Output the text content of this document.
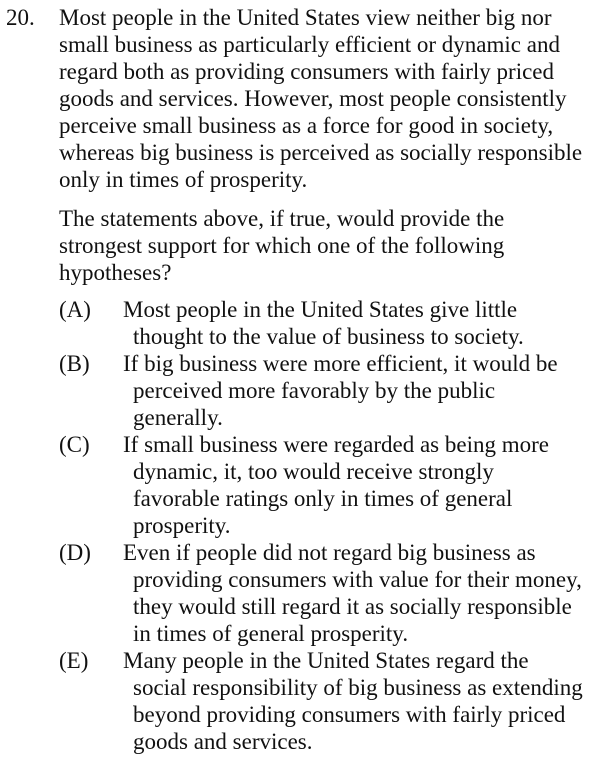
20. Most people in the United States view neither big nor small business as particularly efficient or dynamic and regard both as providing consumers with fairly priced goods and services. However, most people consistently perceive small business as a force for good in society, whereas big business is perceived as socially responsible only in times of prosperity.
The statements above, if true, would provide the strongest support for which one of the following hypotheses?
(A) Most people in the United States give little thought to the value of business to society.
(B) If big business were more efficient, it would be perceived more favorably by the public generally.
(C) If small business were regarded as being more dynamic, it, too would receive strongly favorable ratings only in times of general prosperity.
(D) Even if people did not regard big business as providing consumers with value for their money, they would still regard it as socially responsible in times of general prosperity.
(E) Many people in the United States regard the social responsibility of big business as extending beyond providing consumers with fairly priced goods and services.
